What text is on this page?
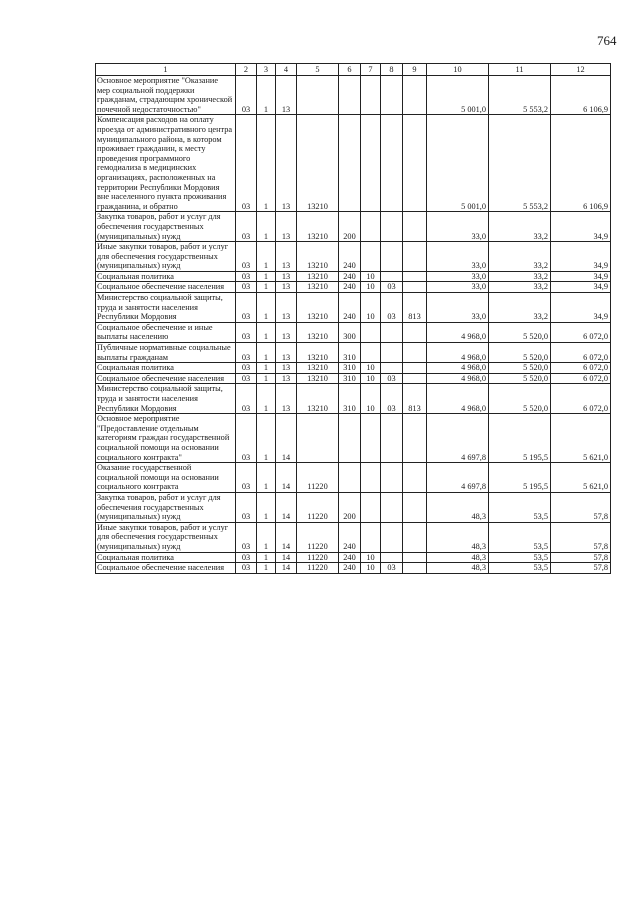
764
1	2	3	4	5	6	7	8	9	10	11	12
Основное мероприятие "Оказание мер социальной поддержки гражданам, страдающим хронической почечной недостаточностью"	03	1	13						5 001,0	5 553,2	6 106,9
Компенсация расходов на оплату проезда от административного центра муниципального района, в котором проживает гражданин, к месту проведения программного гемодиализа в медицинских организациях, расположенных на территории Республики Мордовия вне населенного пункта проживания гражданина, и обратно	03	1	13	13210					5 001,0	5 553,2	6 106,9
Закупка товаров, работ и услуг для обеспечения государственных (муниципальных) нужд	03	1	13	13210	200				33,0	33,2	34,9
Иные закупки товаров, работ и услуг для обеспечения государственных (муниципальных) нужд	03	1	13	13210	240				33,0	33,2	34,9
Социальная политика	03	1	13	13210	240	10			33,0	33,2	34,9
Социальное обеспечение населения	03	1	13	13210	240	10	03		33,0	33,2	34,9
Министерство социальной защиты, труда и занятости населения Республики Мордовия	03	1	13	13210	240	10	03	813	33,0	33,2	34,9
Социальное обеспечение и иные выплаты населению	03	1	13	13210	300				4 968,0	5 520,0	6 072,0
Публичные нормативные социальные выплаты гражданам	03	1	13	13210	310				4 968,0	5 520,0	6 072,0
Социальная политика	03	1	13	13210	310	10			4 968,0	5 520,0	6 072,0
Социальное обеспечение населения	03	1	13	13210	310	10	03		4 968,0	5 520,0	6 072,0
Министерство социальной защиты, труда и занятости населения Республики Мордовия	03	1	13	13210	310	10	03	813	4 968,0	5 520,0	6 072,0
Основное мероприятие "Предоставление отдельным категориям граждан государственной социальной помощи на основании социального контракта"	03	1	14						4 697,8	5 195,5	5 621,0
Оказание государственной социальной помощи на основании социального контракта	03	1	14	11220					4 697,8	5 195,5	5 621,0
Закупка товаров, работ и услуг для обеспечения государственных (муниципальных) нужд	03	1	14	11220	200				48,3	53,5	57,8
Иные закупки товаров, работ и услуг для обеспечения государственных (муниципальных) нужд	03	1	14	11220	240				48,3	53,5	57,8
Социальная политика	03	1	14	11220	240	10			48,3	53,5	57,8
Социальное обеспечение населения	03	1	14	11220	240	10	03		48,3	53,5	57,8
